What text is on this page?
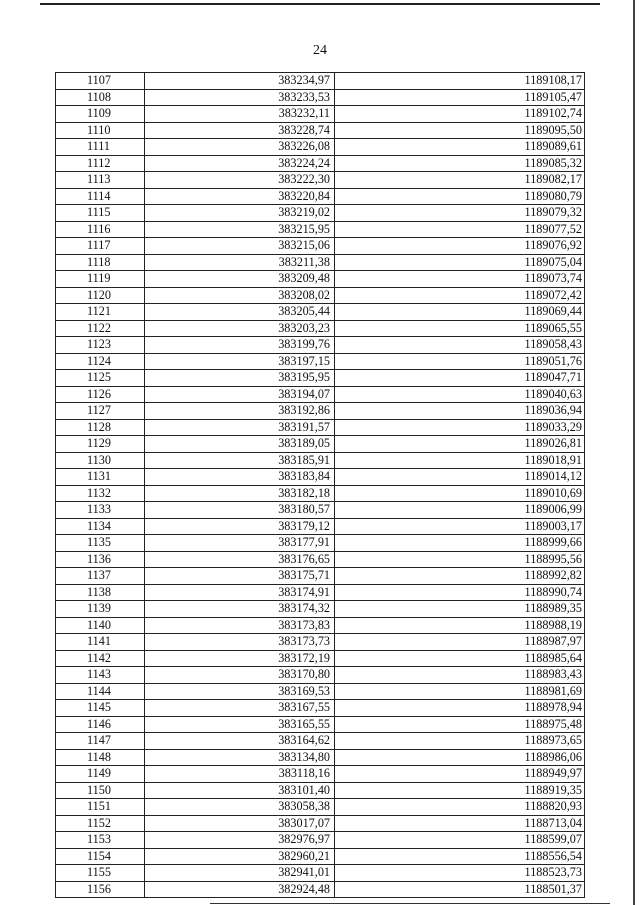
24
1107	383234,97	1189108,17
1108	383233,53	1189105,47
1109	383232,11	1189102,74
1110	383228,74	1189095,50
1111	383226,08	1189089,61
1112	383224,24	1189085,32
1113	383222,30	1189082,17
1114	383220,84	1189080,79
1115	383219,02	1189079,32
1116	383215,95	1189077,52
1117	383215,06	1189076,92
1118	383211,38	1189075,04
1119	383209,48	1189073,74
1120	383208,02	1189072,42
1121	383205,44	1189069,44
1122	383203,23	1189065,55
1123	383199,76	1189058,43
1124	383197,15	1189051,76
1125	383195,95	1189047,71
1126	383194,07	1189040,63
1127	383192,86	1189036,94
1128	383191,57	1189033,29
1129	383189,05	1189026,81
1130	383185,91	1189018,91
1131	383183,84	1189014,12
1132	383182,18	1189010,69
1133	383180,57	1189006,99
1134	383179,12	1189003,17
1135	383177,91	1188999,66
1136	383176,65	1188995,56
1137	383175,71	1188992,82
1138	383174,91	1188990,74
1139	383174,32	1188989,35
1140	383173,83	1188988,19
1141	383173,73	1188987,97
1142	383172,19	1188985,64
1143	383170,80	1188983,43
1144	383169,53	1188981,69
1145	383167,55	1188978,94
1146	383165,55	1188975,48
1147	383164,62	1188973,65
1148	383134,80	1188986,06
1149	383118,16	1188949,97
1150	383101,40	1188919,35
1151	383058,38	1188820,93
1152	383017,07	1188713,04
1153	382976,97	1188599,07
1154	382960,21	1188556,54
1155	382941,01	1188523,73
1156	382924,48	1188501,37
